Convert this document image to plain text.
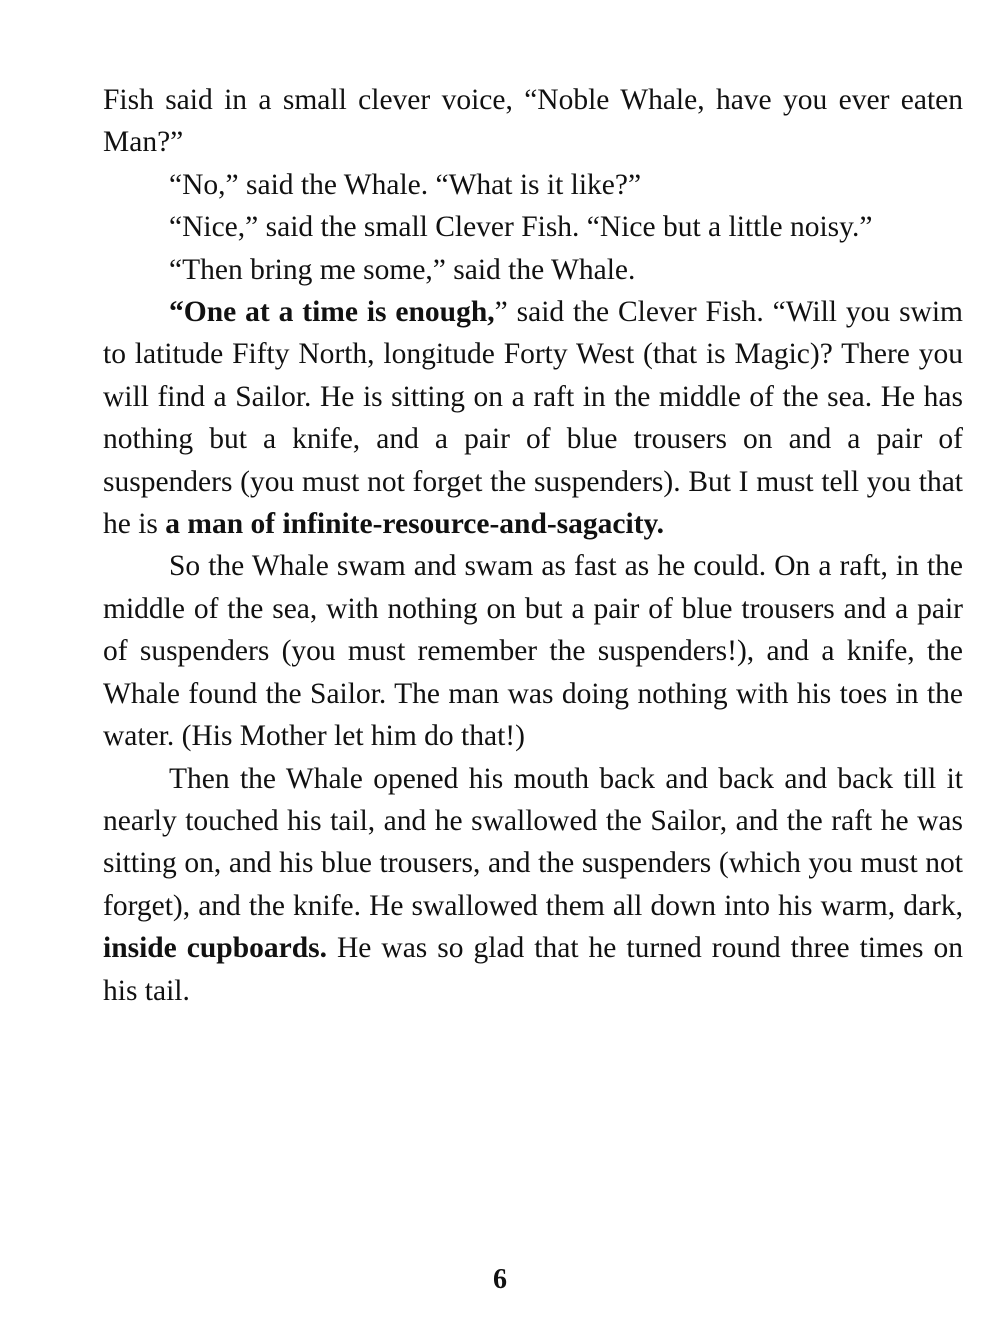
Fish said in a small clever voice, “Noble Whale, have you ever eaten Man?”

“No,” said the Whale. “What is it like?”

“Nice,” said the small Clever Fish. “Nice but a little noisy.”

“Then bring me some,” said the Whale.

“One at a time is enough,” said the Clever Fish. “Will you swim to latitude Fifty North, longitude Forty West (that is Magic)? There you will find a Sailor. He is sitting on a raft in the middle of the sea. He has nothing but a knife, and a pair of blue trousers on and a pair of suspenders (you must not forget the suspenders). But I must tell you that he is a man of infinite-resource-and-sagacity.

So the Whale swam and swam as fast as he could. On a raft, in the middle of the sea, with nothing on but a pair of blue trousers and a pair of suspenders (you must remember the suspenders!), and a knife, the Whale found the Sailor. The man was doing nothing with his toes in the water. (His Mother let him do that!)

Then the Whale opened his mouth back and back and back till it nearly touched his tail, and he swallowed the Sailor, and the raft he was sitting on, and his blue trousers, and the suspenders (which you must not forget), and the knife. He swallowed them all down into his warm, dark, inside cupboards. He was so glad that he turned round three times on his tail.

6
